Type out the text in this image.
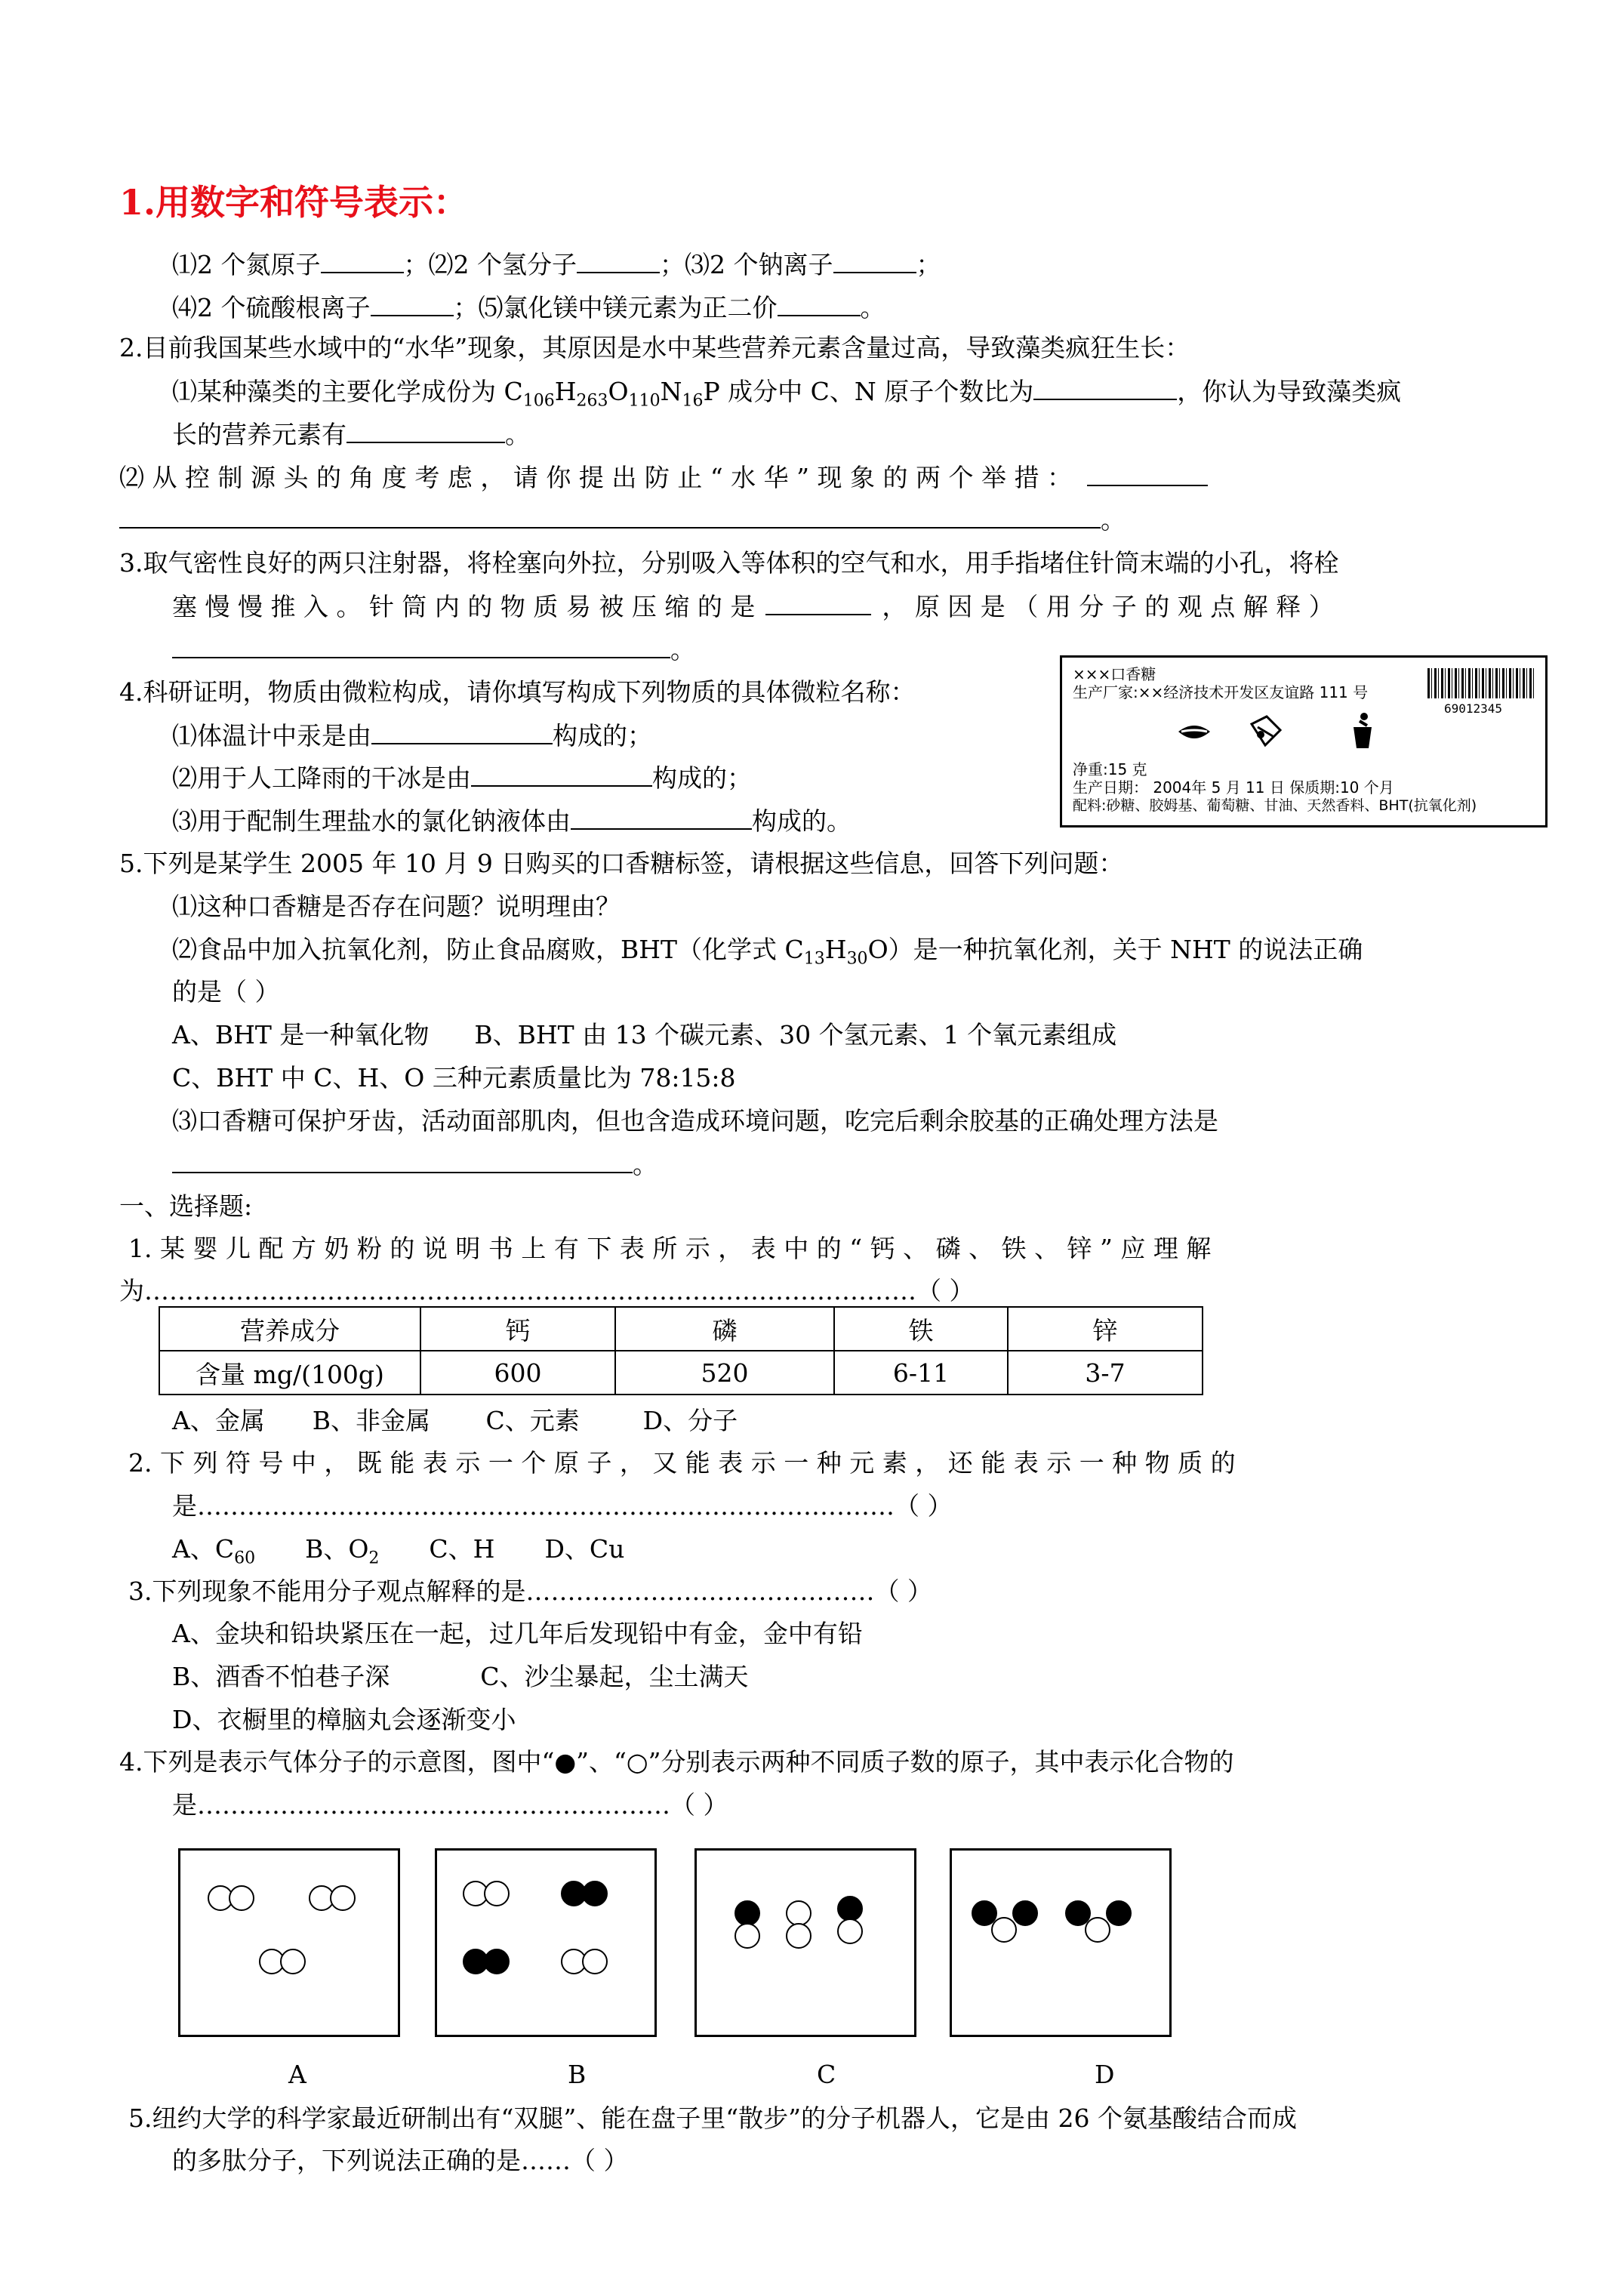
1.用数字和符号表示：
⑴2 个氮原子	；⑵2 个氢分子	；⑶2 个钠离子	；
⑷2 个硫酸根离子	；⑸氯化镁中镁元素为正二价	。
2.目前我国某些水域中的“水华”现象，其原因是水中某些营养元素含量过高，导致藻类疯狂生长：
⑴某种藻类的主要化学成份为 $C_{106}H_{263}O_{110}N_{16}P$ 成分中 C、N 原子个数比为	，你认为导致藻类疯
长的营养元素有	。
⑵ 从 控 制 源 头 的 角 度 考 虑 ， 请 你 提 出 防 止 “ 水 华 ” 现 象 的 两 个 举 措 ：
。
3.取气密性良好的两只注射器，将栓塞向外拉，分别吸入等体积的空气和水，用手指堵住针筒末端的小孔，将栓
塞 慢 慢 推 入 。 针 筒 内 的 物 质 易 被 压 缩 的 是	， 原 因 是 （ 用 分 子 的 观 点 解 释 ）
。
4.科研证明，物质由微粒构成，请你填写构成下列物质的具体微粒名称：
⑴体温计中汞是由	构成的；
⑵用于人工降雨的干冰是由	构成的；
⑶用于配制生理盐水的氯化钠液体由	构成的。
×××口香糖
生产厂家:××经济技术开发区友谊路 111 号
69012345
净重:15 克
生产日期： 2004年 5 月 11 日 保质期:10 个月
配料:砂糖、胶姆基、葡萄糖、甘油、天然香料、BHT(抗氧化剂)
5.下列是某学生 2005 年 10 月 9 日购买的口香糖标签，请根据这些信息，回答下列问题：
⑴这种口香糖是否存在问题？说明理由？
⑵食品中加入抗氧化剂，防止食品腐败，BHT（化学式 $C_{13}H_{30}O$）是一种抗氧化剂，关于 NHT 的说法正确
的是（ ）
A、BHT 是一种氧化物 B、BHT 由 13 个碳元素、30 个氢元素、1 个氧元素组成
C、BHT 中 C、H、O 三种元素质量比为 78:15:8
⑶口香糖可保护牙齿，活动面部肌肉，但也含造成环境问题，吃完后剩余胶基的正确处理方法是
。
一、选择题:
1. 某 婴 儿 配 方 奶 粉 的 说 明 书 上 有 下 表 所 示 ， 表 中 的 “ 钙 、 磷 、 铁 、 锌 ” 应 理 解
为…………………………………………………………………………………（ ）
营养成分	钙	磷	铁	锌
含量 mg/(100g)	600	520	6-11	3-7
A、金属      B、非金属       C、元素        D、分子
2. 下 列 符 号 中 ， 既 能 表 示 一 个 原 子 ， 又 能 表 示 一 种 元 素 ， 还 能 表 示 一 种 物 质 的
是…………………………………………………………………………（ ）
A、$C_{60}$ B、$O_2$ C、H D、Cu
3.下列现象不能用分子观点解释的是……………………………………（ ）
A、金块和铅块紧压在一起，过几年后发现铅中有金，金中有铅
B、酒香不怕巷子深	C、沙尘暴起，尘土满天
D、衣橱里的樟脑丸会逐渐变小
4.下列是表示气体分子的示意图，图中“●”、“○”分别表示两种不同质子数的原子，其中表示化合物的
是…………………………………………………（ ）
A	B	C	D
5.纽约大学的科学家最近研制出有“双腿”、能在盘子里“散步”的分子机器人，它是由 26 个氨基酸结合而成
的多肽分子，下列说法正确的是……（ ）
